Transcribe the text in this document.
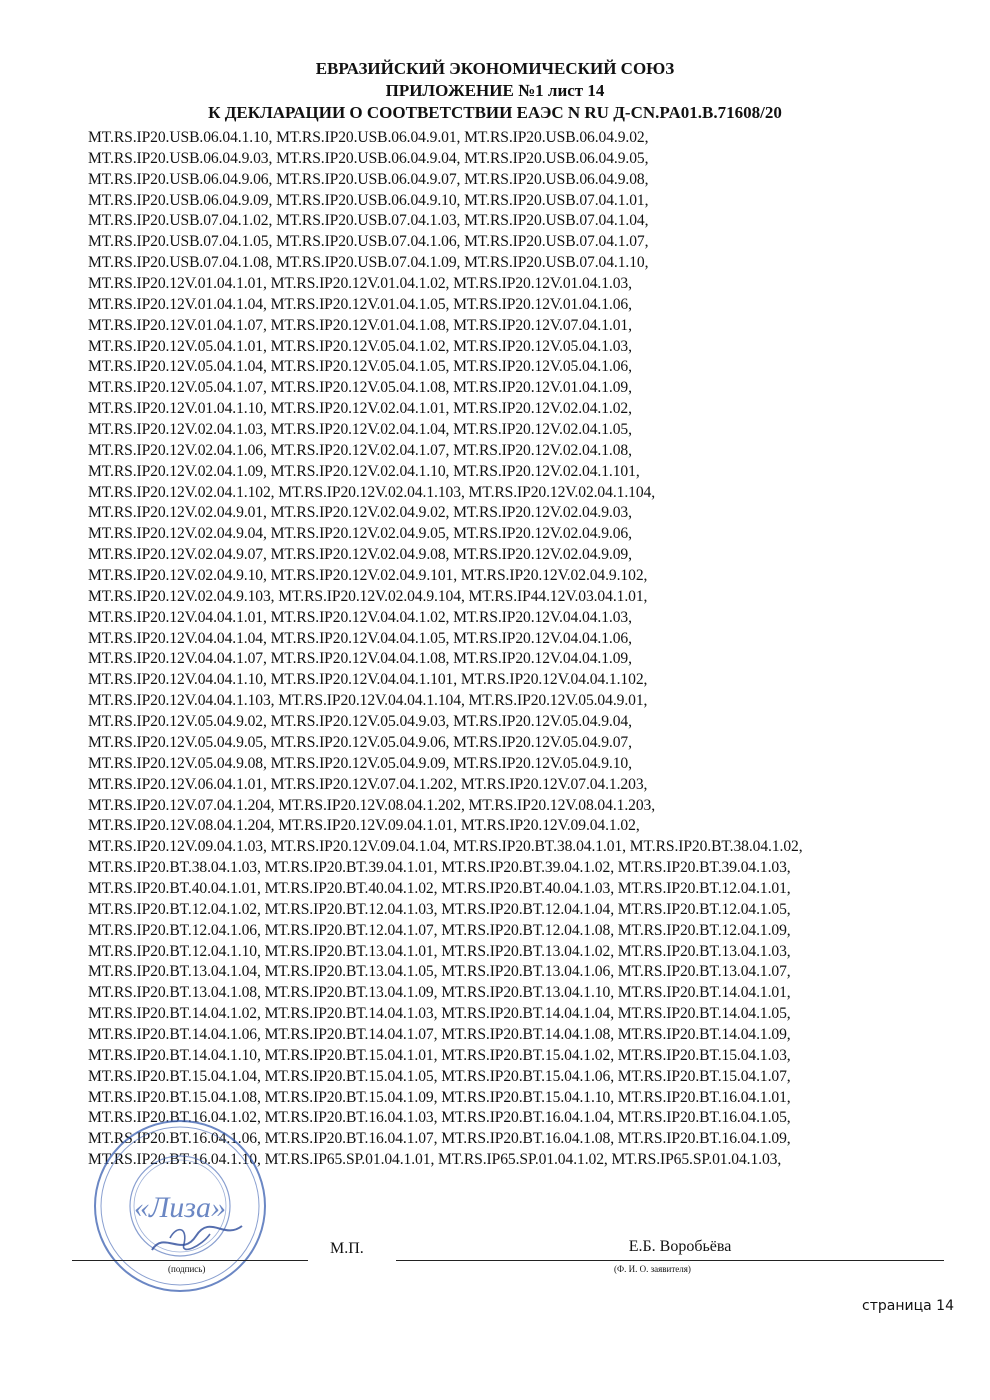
ЕВРАЗИЙСКИЙ ЭКОНОМИЧЕСКИЙ СОЮЗ
ПРИЛОЖЕНИЕ №1 лист 14
К ДЕКЛАРАЦИИ О СООТВЕТСТВИИ ЕАЭС N RU Д-CN.PA01.B.71608/20
MT.RS.IP20.USB.06.04.1.10, MT.RS.IP20.USB.06.04.9.01, MT.RS.IP20.USB.06.04.9.02,
MT.RS.IP20.USB.06.04.9.03, MT.RS.IP20.USB.06.04.9.04, MT.RS.IP20.USB.06.04.9.05,
MT.RS.IP20.USB.06.04.9.06, MT.RS.IP20.USB.06.04.9.07, MT.RS.IP20.USB.06.04.9.08,
MT.RS.IP20.USB.06.04.9.09, MT.RS.IP20.USB.06.04.9.10, MT.RS.IP20.USB.07.04.1.01,
MT.RS.IP20.USB.07.04.1.02, MT.RS.IP20.USB.07.04.1.03, MT.RS.IP20.USB.07.04.1.04,
MT.RS.IP20.USB.07.04.1.05, MT.RS.IP20.USB.07.04.1.06, MT.RS.IP20.USB.07.04.1.07,
MT.RS.IP20.USB.07.04.1.08, MT.RS.IP20.USB.07.04.1.09, MT.RS.IP20.USB.07.04.1.10,
MT.RS.IP20.12V.01.04.1.01, MT.RS.IP20.12V.01.04.1.02, MT.RS.IP20.12V.01.04.1.03,
MT.RS.IP20.12V.01.04.1.04, MT.RS.IP20.12V.01.04.1.05, MT.RS.IP20.12V.01.04.1.06,
MT.RS.IP20.12V.01.04.1.07, MT.RS.IP20.12V.01.04.1.08, MT.RS.IP20.12V.07.04.1.01,
MT.RS.IP20.12V.05.04.1.01, MT.RS.IP20.12V.05.04.1.02, MT.RS.IP20.12V.05.04.1.03,
MT.RS.IP20.12V.05.04.1.04, MT.RS.IP20.12V.05.04.1.05, MT.RS.IP20.12V.05.04.1.06,
MT.RS.IP20.12V.05.04.1.07, MT.RS.IP20.12V.05.04.1.08, MT.RS.IP20.12V.01.04.1.09,
MT.RS.IP20.12V.01.04.1.10, MT.RS.IP20.12V.02.04.1.01, MT.RS.IP20.12V.02.04.1.02,
MT.RS.IP20.12V.02.04.1.03, MT.RS.IP20.12V.02.04.1.04, MT.RS.IP20.12V.02.04.1.05,
MT.RS.IP20.12V.02.04.1.06, MT.RS.IP20.12V.02.04.1.07, MT.RS.IP20.12V.02.04.1.08,
MT.RS.IP20.12V.02.04.1.09, MT.RS.IP20.12V.02.04.1.10, MT.RS.IP20.12V.02.04.1.101,
MT.RS.IP20.12V.02.04.1.102, MT.RS.IP20.12V.02.04.1.103, MT.RS.IP20.12V.02.04.1.104,
MT.RS.IP20.12V.02.04.9.01, MT.RS.IP20.12V.02.04.9.02, MT.RS.IP20.12V.02.04.9.03,
MT.RS.IP20.12V.02.04.9.04, MT.RS.IP20.12V.02.04.9.05, MT.RS.IP20.12V.02.04.9.06,
MT.RS.IP20.12V.02.04.9.07, MT.RS.IP20.12V.02.04.9.08, MT.RS.IP20.12V.02.04.9.09,
MT.RS.IP20.12V.02.04.9.10, MT.RS.IP20.12V.02.04.9.101, MT.RS.IP20.12V.02.04.9.102,
MT.RS.IP20.12V.02.04.9.103, MT.RS.IP20.12V.02.04.9.104, MT.RS.IP44.12V.03.04.1.01,
MT.RS.IP20.12V.04.04.1.01, MT.RS.IP20.12V.04.04.1.02, MT.RS.IP20.12V.04.04.1.03,
MT.RS.IP20.12V.04.04.1.04, MT.RS.IP20.12V.04.04.1.05, MT.RS.IP20.12V.04.04.1.06,
MT.RS.IP20.12V.04.04.1.07, MT.RS.IP20.12V.04.04.1.08, MT.RS.IP20.12V.04.04.1.09,
MT.RS.IP20.12V.04.04.1.10, MT.RS.IP20.12V.04.04.1.101, MT.RS.IP20.12V.04.04.1.102,
MT.RS.IP20.12V.04.04.1.103, MT.RS.IP20.12V.04.04.1.104, MT.RS.IP20.12V.05.04.9.01,
MT.RS.IP20.12V.05.04.9.02, MT.RS.IP20.12V.05.04.9.03, MT.RS.IP20.12V.05.04.9.04,
MT.RS.IP20.12V.05.04.9.05, MT.RS.IP20.12V.05.04.9.06, MT.RS.IP20.12V.05.04.9.07,
MT.RS.IP20.12V.05.04.9.08, MT.RS.IP20.12V.05.04.9.09, MT.RS.IP20.12V.05.04.9.10,
MT.RS.IP20.12V.06.04.1.01, MT.RS.IP20.12V.07.04.1.202, MT.RS.IP20.12V.07.04.1.203,
MT.RS.IP20.12V.07.04.1.204, MT.RS.IP20.12V.08.04.1.202, MT.RS.IP20.12V.08.04.1.203,
MT.RS.IP20.12V.08.04.1.204, MT.RS.IP20.12V.09.04.1.01, MT.RS.IP20.12V.09.04.1.02,
MT.RS.IP20.12V.09.04.1.03, MT.RS.IP20.12V.09.04.1.04, MT.RS.IP20.BT.38.04.1.01, MT.RS.IP20.BT.38.04.1.02,
MT.RS.IP20.BT.38.04.1.03, MT.RS.IP20.BT.39.04.1.01, MT.RS.IP20.BT.39.04.1.02, MT.RS.IP20.BT.39.04.1.03,
MT.RS.IP20.BT.40.04.1.01, MT.RS.IP20.BT.40.04.1.02, MT.RS.IP20.BT.40.04.1.03, MT.RS.IP20.BT.12.04.1.01,
MT.RS.IP20.BT.12.04.1.02, MT.RS.IP20.BT.12.04.1.03, MT.RS.IP20.BT.12.04.1.04, MT.RS.IP20.BT.12.04.1.05,
MT.RS.IP20.BT.12.04.1.06, MT.RS.IP20.BT.12.04.1.07, MT.RS.IP20.BT.12.04.1.08, MT.RS.IP20.BT.12.04.1.09,
MT.RS.IP20.BT.12.04.1.10, MT.RS.IP20.BT.13.04.1.01, MT.RS.IP20.BT.13.04.1.02, MT.RS.IP20.BT.13.04.1.03,
MT.RS.IP20.BT.13.04.1.04, MT.RS.IP20.BT.13.04.1.05, MT.RS.IP20.BT.13.04.1.06, MT.RS.IP20.BT.13.04.1.07,
MT.RS.IP20.BT.13.04.1.08, MT.RS.IP20.BT.13.04.1.09, MT.RS.IP20.BT.13.04.1.10, MT.RS.IP20.BT.14.04.1.01,
MT.RS.IP20.BT.14.04.1.02, MT.RS.IP20.BT.14.04.1.03, MT.RS.IP20.BT.14.04.1.04, MT.RS.IP20.BT.14.04.1.05,
MT.RS.IP20.BT.14.04.1.06, MT.RS.IP20.BT.14.04.1.07, MT.RS.IP20.BT.14.04.1.08, MT.RS.IP20.BT.14.04.1.09,
MT.RS.IP20.BT.14.04.1.10, MT.RS.IP20.BT.15.04.1.01, MT.RS.IP20.BT.15.04.1.02, MT.RS.IP20.BT.15.04.1.03,
MT.RS.IP20.BT.15.04.1.04, MT.RS.IP20.BT.15.04.1.05, MT.RS.IP20.BT.15.04.1.06, MT.RS.IP20.BT.15.04.1.07,
MT.RS.IP20.BT.15.04.1.08, MT.RS.IP20.BT.15.04.1.09, MT.RS.IP20.BT.15.04.1.10, MT.RS.IP20.BT.16.04.1.01,
MT.RS.IP20.BT.16.04.1.02, MT.RS.IP20.BT.16.04.1.03, MT.RS.IP20.BT.16.04.1.04, MT.RS.IP20.BT.16.04.1.05,
MT.RS.IP20.BT.16.04.1.06, MT.RS.IP20.BT.16.04.1.07, MT.RS.IP20.BT.16.04.1.08, MT.RS.IP20.BT.16.04.1.09,
MT.RS.IP20.BT.16.04.1.10, MT.RS.IP65.SP.01.04.1.01, MT.RS.IP65.SP.01.04.1.02, MT.RS.IP65.SP.01.04.1.03,
«Лиза»
М.П.	Е.Б. Воробьёва
(подпись)	(Ф. И. О. заявителя)
страница 14
